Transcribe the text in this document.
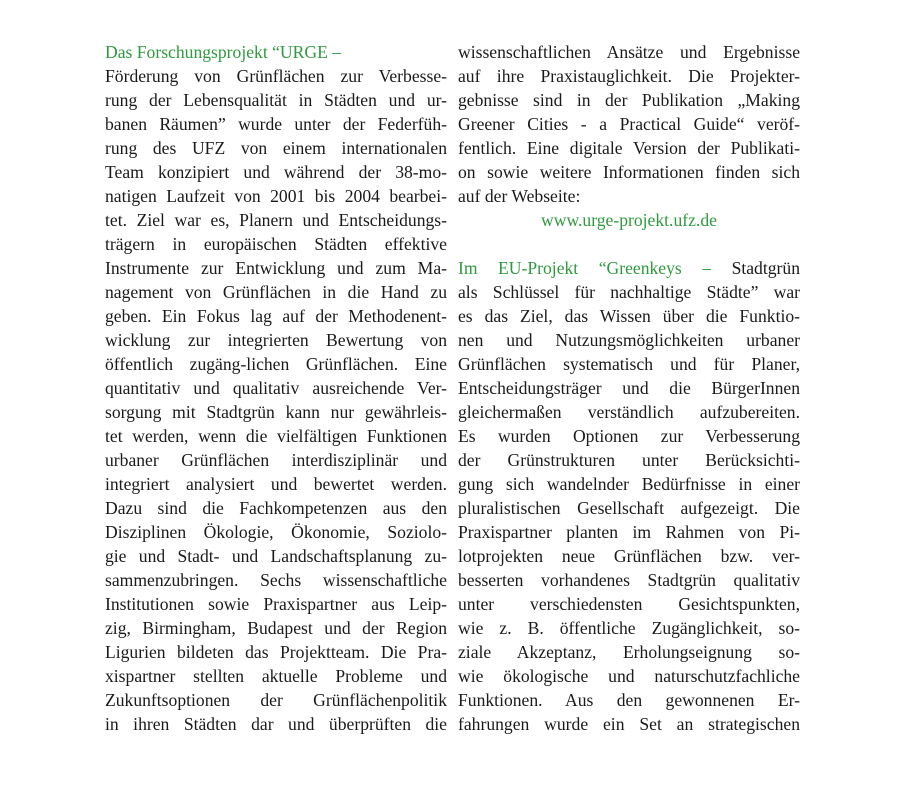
Das Forschungsprojekt “URGE –
Förderung von Grünflächen zur Verbesse-
rung der Lebensqualität in Städten und ur-
banen Räumen” wurde unter der Federfüh-
rung des UFZ von einem internationalen
Team konzipiert und während der 38-mo-
natigen Laufzeit von 2001 bis 2004 bearbei-
tet. Ziel war es, Planern und Entscheidungs-
trägern in europäischen Städten effektive
Instrumente zur Entwicklung und zum Ma-
nagement von Grünflächen in die Hand zu
geben. Ein Fokus lag auf der Methodenent-
wicklung zur integrierten Bewertung von
öffentlich zugäng-lichen Grünflächen. Eine
quantitativ und qualitativ ausreichende Ver-
sorgung mit Stadtgrün kann nur gewährleis-
tet werden, wenn die vielfältigen Funktionen
urbaner Grünflächen interdisziplinär und
integriert analysiert und bewertet werden.
Dazu sind die Fachkompetenzen aus den
Disziplinen Ökologie, Ökonomie, Soziolo-
gie und Stadt- und Landschaftsplanung zu-
sammenzubringen. Sechs wissenschaftliche
Institutionen sowie Praxispartner aus Leip-
zig, Birmingham, Budapest und der Region
Ligurien bildeten das Projektteam. Die Pra-
xispartner stellten aktuelle Probleme und
Zukunftsoptionen der Grünflächenpolitik
in ihren Städten dar und überprüften die
wissenschaftlichen Ansätze und Ergebnisse
auf ihre Praxistauglichkeit. Die Projekter-
gebnisse sind in der Publikation „Making
Greener Cities - a Practical Guide“ veröf-
fentlich. Eine digitale Version der Publikati-
on sowie weitere Informationen finden sich
auf der Webseite:
www.urge-projekt.ufz.de
Im EU-Projekt “Greenkeys – Stadtgrün
als Schlüssel für nachhaltige Städte” war
es das Ziel, das Wissen über die Funktio-
nen und Nutzungsmöglichkeiten urbaner
Grünflächen systematisch und für Planer,
Entscheidungsträger und die BürgerInnen
gleichermaßen verständlich aufzubereiten.
Es wurden Optionen zur Verbesserung
der Grünstrukturen unter Berücksichti-
gung sich wandelnder Bedürfnisse in einer
pluralistischen Gesellschaft aufgezeigt. Die
Praxispartner planten im Rahmen von Pi-
lotprojekten neue Grünflächen bzw. ver-
besserten vorhandenes Stadtgrün qualitativ
unter verschiedensten Gesichtspunkten,
wie z. B. öffentliche Zugänglichkeit, so-
ziale Akzeptanz, Erholungseignung so-
wie ökologische und naturschutzfachliche
Funktionen. Aus den gewonnenen Er-
fahrungen wurde ein Set an strategischen
